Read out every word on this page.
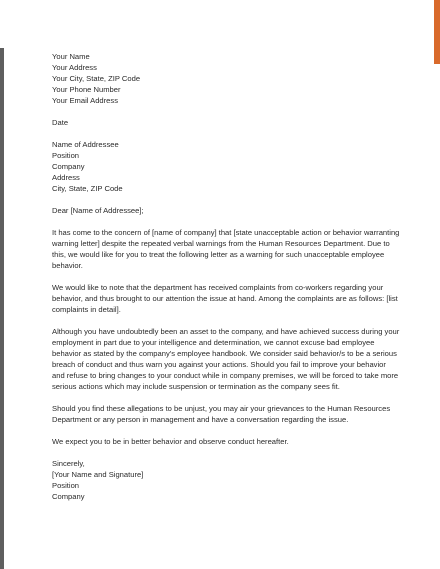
Your Name
Your Address
Your City, State, ZIP Code
Your Phone Number
Your Email Address
Date
Name of Addressee
Position
Company
Address
City, State, ZIP Code
Dear [Name of Addressee];
It has come to the concern of [name of company] that [state unacceptable action or behavior warranting warning letter] despite the repeated verbal warnings from the Human Resources Department. Due to this, we would like for you to treat the following letter as a warning for such unacceptable employee behavior.
We would like to note that the department has received complaints from co-workers regarding your behavior, and thus brought to our attention the issue at hand. Among the complaints are as follows: [list complaints in detail].
Although you have undoubtedly been an asset to the company, and have achieved success during your employment in part due to your intelligence and determination, we cannot excuse bad employee behavior as stated by the company's employee handbook. We consider said behavior/s to be a serious breach of conduct and thus warn you against your actions. Should you fail to improve your behavior and refuse to bring changes to your conduct while in company premises, we will be forced to take more serious actions which may include suspension or termination as the company sees fit.
Should you find these allegations to be unjust, you may air your grievances to the Human Resources Department or any person in management and have a conversation regarding the issue.
We expect you to be in better behavior and observe conduct hereafter.
Sincerely,
[Your Name and Signature]
Position
Company
